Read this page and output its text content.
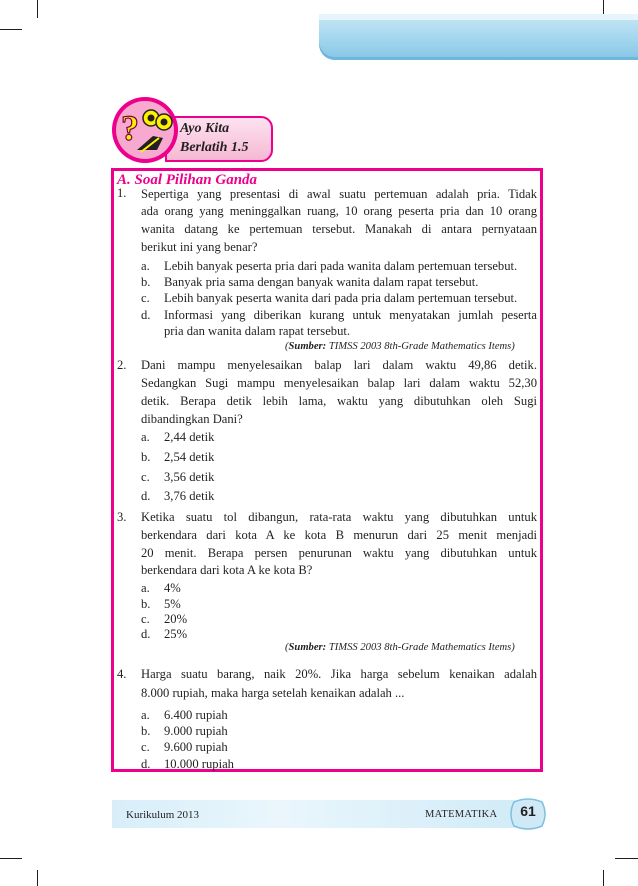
?	Ayo Kita
Berlatih 1.5
A. Soal Pilihan Ganda
1. Sepertiga yang presentasi di awal suatu pertemuan adalah pria. Tidak
ada orang yang meninggalkan ruang, 10 orang peserta pria dan 10 orang
wanita datang ke pertemuan tersebut. Manakah di antara pernyataan
berikut ini yang benar?
a. Lebih banyak peserta pria dari pada wanita dalam pertemuan tersebut.
b. Banyak pria sama dengan banyak wanita dalam rapat tersebut.
c. Lebih banyak peserta wanita dari pada pria dalam pertemuan tersebut.
d. Informasi yang diberikan kurang untuk menyatakan jumlah peserta
pria dan wanita dalam rapat tersebut.
(Sumber: TIMSS 2003 8th-Grade Mathematics Items)
2. Dani mampu menyelesaikan balap lari dalam waktu 49,86 detik.
Sedangkan Sugi mampu menyelesaikan balap lari dalam waktu 52,30
detik. Berapa detik lebih lama, waktu yang dibutuhkan oleh Sugi
dibandingkan Dani?
a. 2,44 detik
b. 2,54 detik
c. 3,56 detik
d. 3,76 detik
3. Ketika suatu tol dibangun, rata-rata waktu yang dibutuhkan untuk
berkendara dari kota A ke kota B menurun dari 25 menit menjadi
20 menit. Berapa persen penurunan waktu yang dibutuhkan untuk
berkendara dari kota A ke kota B?
a. 4%
b. 5%
c. 20%
d. 25%
(Sumber: TIMSS 2003 8th-Grade Mathematics Items)
4. Harga suatu barang, naik 20%. Jika harga sebelum kenaikan adalah
8.000 rupiah, maka harga setelah kenaikan adalah ...
a. 6.400 rupiah
b. 9.000 rupiah
c. 9.600 rupiah
d. 10.000 rupiah
Kurikulum 2013	MATEMATIKA	61
